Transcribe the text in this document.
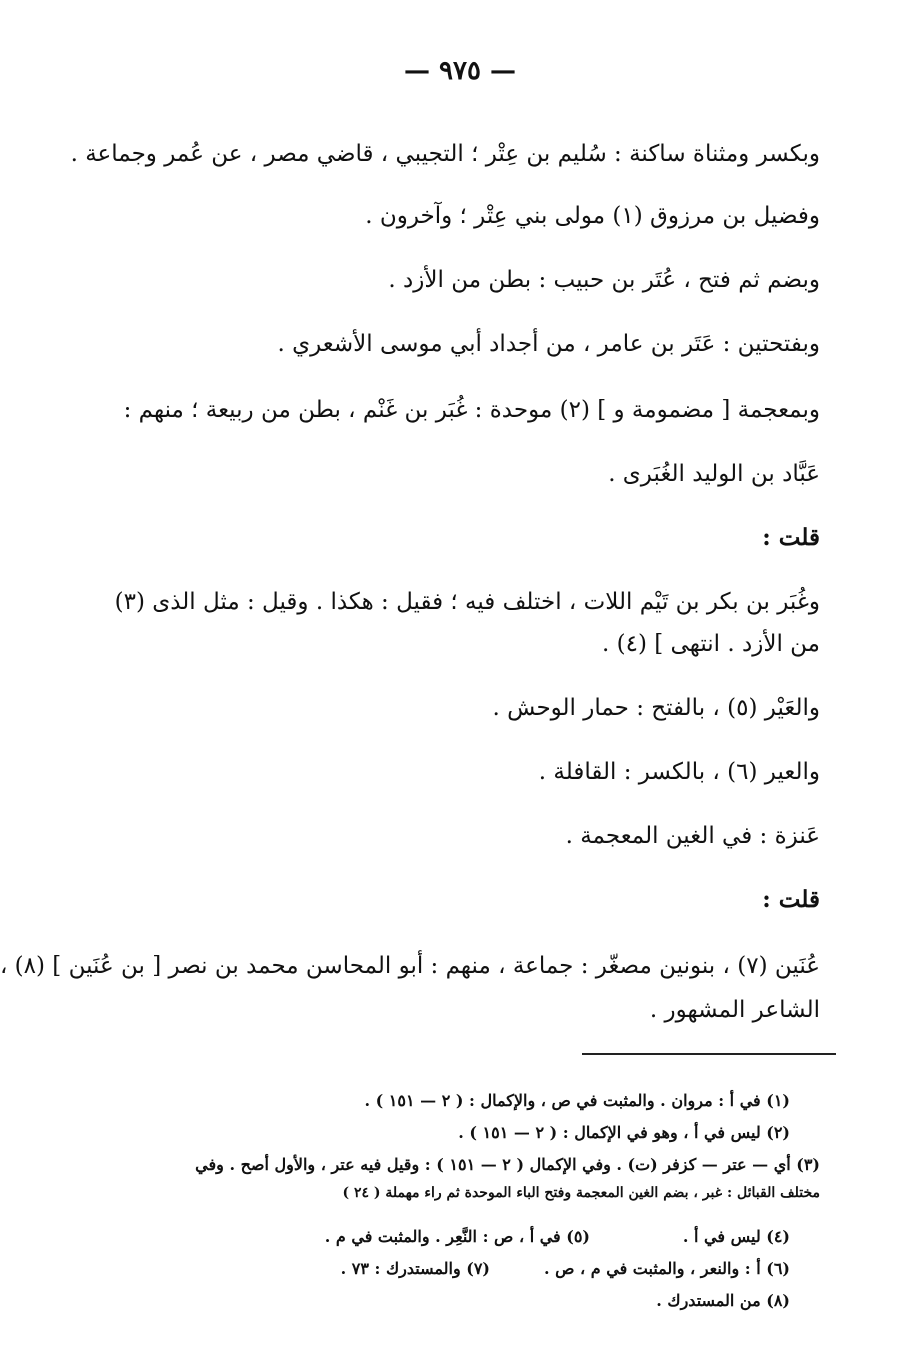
— ٩٧٥ —
وبكسر ومثناة ساكنة : سُليم بن عِتْر ؛ التجيبي ، قاضي مصر ، عن عُمر وجماعة .
وفضيل بن مرزوق (١) مولى بني عِتْر ؛ وآخرون .
وبضم ثم فتح ، عُتَر بن حبيب : بطن من الأزد .
وبفتحتين : عَتَر بن عامر ، من أجداد أبي موسى الأشعري .
وبمعجمة [ مضمومة و ] (٢) موحدة : غُبَر بن غَنْم ، بطن من ربيعة ؛ منهم :
عَبَّاد بن الوليد الغُبَرى .
قلت :
وغُبَر بن بكر بن تَيْم اللات ، اختلف فيه ؛ فقيل : هكذا . وقيل : مثل الذى (٣)
من الأزد . انتهى ] (٤) .
والعَيْر (٥) ، بالفتح : حمار الوحش .
والعير (٦) ، بالكسر : القافلة .
عَنزة : في الغين المعجمة .
قلت :
عُنَين (٧) ، بنونين مصغّر : جماعة ، منهم : أبو المحاسن محمد بن نصر [ بن عُنَين ] (٨) ،
الشاعر المشهور .
(١) في أ : مروان . والمثبت في ص ، والإكمال : ( ٢ — ١٥١ ) .
(٢) ليس في أ ، وهو في الإكمال : ( ٢ — ١٥١ ) .
(٣) أي — عتر — كزفر (ت) . وفي الإكمال ( ٢ — ١٥١ ) : وقيل فيه عتر ، والأول أصح . وفي
مختلف القبائل : غبر ، بضم الغين المعجمة وفتح الباء الموحدة ثم راء مهملة ( ٢٤ )
(٤) ليس في أ .
(٥) في أ ، ص : النَّعِر . والمثبت في م .
(٦) أ : والنعر ، والمثبت في م ، ص .
(٧) والمستدرك : ٧٣ .
(٨) من المستدرك .
